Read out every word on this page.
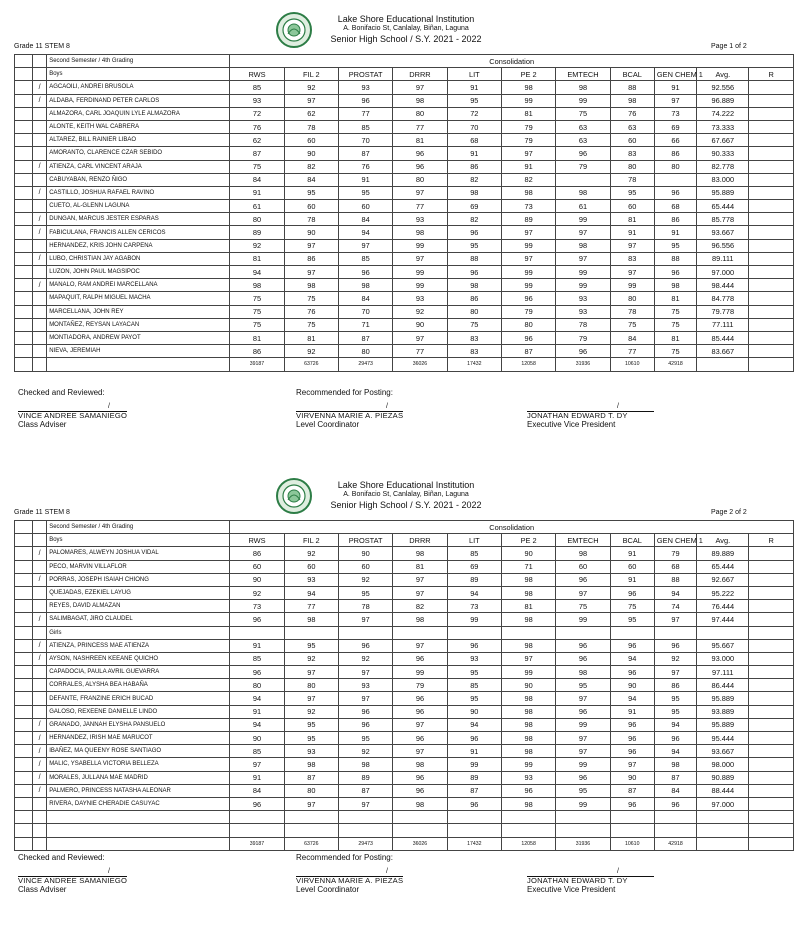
Lake Shore Educational Institution
A. Bonifacio St, Canlalay, Biñan, Laguna
Senior High School / S.Y. 2021 - 2022
Grade 11 STEM 8	Page 1 of 2
		Second Semester / 4th Grading	Consolidation										
		Boys	RWS	FIL 2	PROSTAT	DRRR	LIT	PE 2	EMTECH	BCAL	GEN CHEM 1	Avg.	R
	/	AGCAOILI, ANDREI BRUSOLA	85	92	93	97	91	98	98	88	91	92.556	
	/	ALDABA, FERDINAND PETER CARLOS	93	97	96	98	95	99	99	98	97	96.889	
		ALMAZORA, CARL JOAQUIN LYLE ALMAZORA	72	62	77	80	72	81	75	76	73	74.222	
		ALONTE, KEITH WAL CABRERA	76	78	85	77	70	79	63	63	69	73.333	
		ALTAREZ, BILL RAINIER LIBAO	62	60	70	81	68	79	63	60	66	67.667	
		AMORANTO, CLARENCE CZAR SEBIDO	87	90	87	96	91	97	96	83	86	90.333	
	/	ATIENZA, CARL VINCENT ARAJA	75	82	76	96	86	91	79	80	80	82.778	
		CABUYABAN, RENZO ÑIGO	84	84	91	80	82	82		78		83.000	
	/	CASTILLO, JOSHUA RAFAEL RAVINO	91	95	95	97	98	98	98	95	96	95.889	
		CUETO, AL-GLENN LAGUNA	61	60	60	77	69	73	61	60	68	65.444	
	/	DUNGAN, MARCUS JESTER ESPARAS	80	78	84	93	82	89	99	81	86	85.778	
	/	FABICULANA, FRANCIS ALLEN CERICOS	89	90	94	98	96	97	97	91	91	93.667	
		HERNANDEZ, KRIS JOHN CARPENA	92	97	97	99	95	99	98	97	95	96.556	
	/	LUBO, CHRISTIAN JAY AGABON	81	86	85	97	88	97	97	83	88	89.111	
		LUZON, JOHN PAUL MAGSIPOC	94	97	96	99	96	99	99	97	96	97.000	
	/	MANALO, RAM ANDREI MARCELLANA	98	98	98	99	98	99	99	99	98	98.444	
		MAPAQUIT, RALPH MIGUEL MACHA	75	75	84	93	86	96	93	80	81	84.778	
		MARCELLANA, JOHN REY	75	76	70	92	80	79	93	78	75	79.778	
		MONTAÑEZ, REYSAN LAYACAN	75	75	71	90	75	80	78	75	75	77.111	
		MONTIADORA, ANDREW PAYOT	81	81	87	97	83	96	79	84	81	85.444	
		NIEVA, JEREMIAH	86	92	80	77	83	87	96	77	75	83.667	
			39187	63726	29473	36026	17432	12058	31936	10610	42918		
Checked and Reviewed:	Recommended for Posting:
/
VINCE ANDREE SAMANIEGO
Class Adviser
/
VIRVENNA MARIE A. PIEZAS
Level Coordinator
/
JONATHAN EDWARD T. DY
Executive Vice President
Lake Shore Educational Institution
A. Bonifacio St, Canlalay, Biñan, Laguna
Senior High School / S.Y. 2021 - 2022
Grade 11 STEM 8	Page 2 of 2
		Second Semester / 4th Grading	Consolidation										
		Boys	RWS	FIL 2	PROSTAT	DRRR	LIT	PE 2	EMTECH	BCAL	GEN CHEM 1	Avg.	R
	/	PALOMARES, ALWEYN JOSHUA VIDAL	86	92	90	98	85	90	98	91	79	89.889	
		PECO, MARVIN VILLAFLOR	60	60	60	81	69	71	60	60	68	65.444	
	/	PORRAS, JOSEPH ISAIAH CHIONG	90	93	92	97	89	98	96	91	88	92.667	
		QUEJADAS, EZEKIEL LAYUG	92	94	95	97	94	98	97	96	94	95.222	
		REYES, DAVID ALMAZAN	73	77	78	82	73	81	75	75	74	76.444	
	/	SALIMBAGAT, JIRO CLAUDEL	96	98	97	98	99	98	99	95	97	97.444	
		Girls											
	/	ATIENZA, PRINCESS MAE ATIENZA	91	95	96	97	96	98	96	96	96	95.667	
	/	AYSON, NASHREEN KEEANE QUICHO	85	92	92	96	93	97	96	94	92	93.000	
		CAPADOCIA, PAULA AVRIL GUEVARRA	96	97	97	99	95	99	98	96	97	97.111	
		CORRALES, ALYSHA BEA HABAÑA	80	80	93	79	85	90	95	90	86	86.444	
		DEFANTE, FRANZINE ERICH BUCAD	94	97	97	96	95	98	97	94	95	95.889	
		GALOSO, REXEENE DANIELLE LINDO	91	92	96	96	90	98	96	91	95	93.889	
	/	GRANADO, JANNAH ELYSHA PANSUELO	94	95	96	97	94	98	99	96	94	95.889	
	/	HERNANDEZ, IRISH MAE MARUCOT	90	95	95	96	96	98	97	96	96	95.444	
	/	IBAÑEZ, MA QUEENY ROSE SANTIAGO	85	93	92	97	91	98	97	96	94	93.667	
	/	MALIC, YSABELLA VICTORIA BELLEZA	97	98	98	98	99	99	99	97	98	98.000	
	/	MORALES, JULLANA MAE MADRID	91	87	89	96	89	93	96	90	87	90.889	
	/	PALMERO, PRINCESS NATASHA ALEONAR	84	80	87	96	87	96	95	87	84	88.444	
		RIVERA, DAYNIE CHERADIE CASUYAC	96	97	97	98	96	98	99	96	96	97.000	

			39187	63726	29473	36026	17432	12058	31936	10610	42918		
Checked and Reviewed:	Recommended for Posting:
/
VINCE ANDREE SAMANIEGO
Class Adviser
/
VIRVENNA MARIE A. PIEZAS
Level Coordinator
/
JONATHAN EDWARD T. DY
Executive Vice President
